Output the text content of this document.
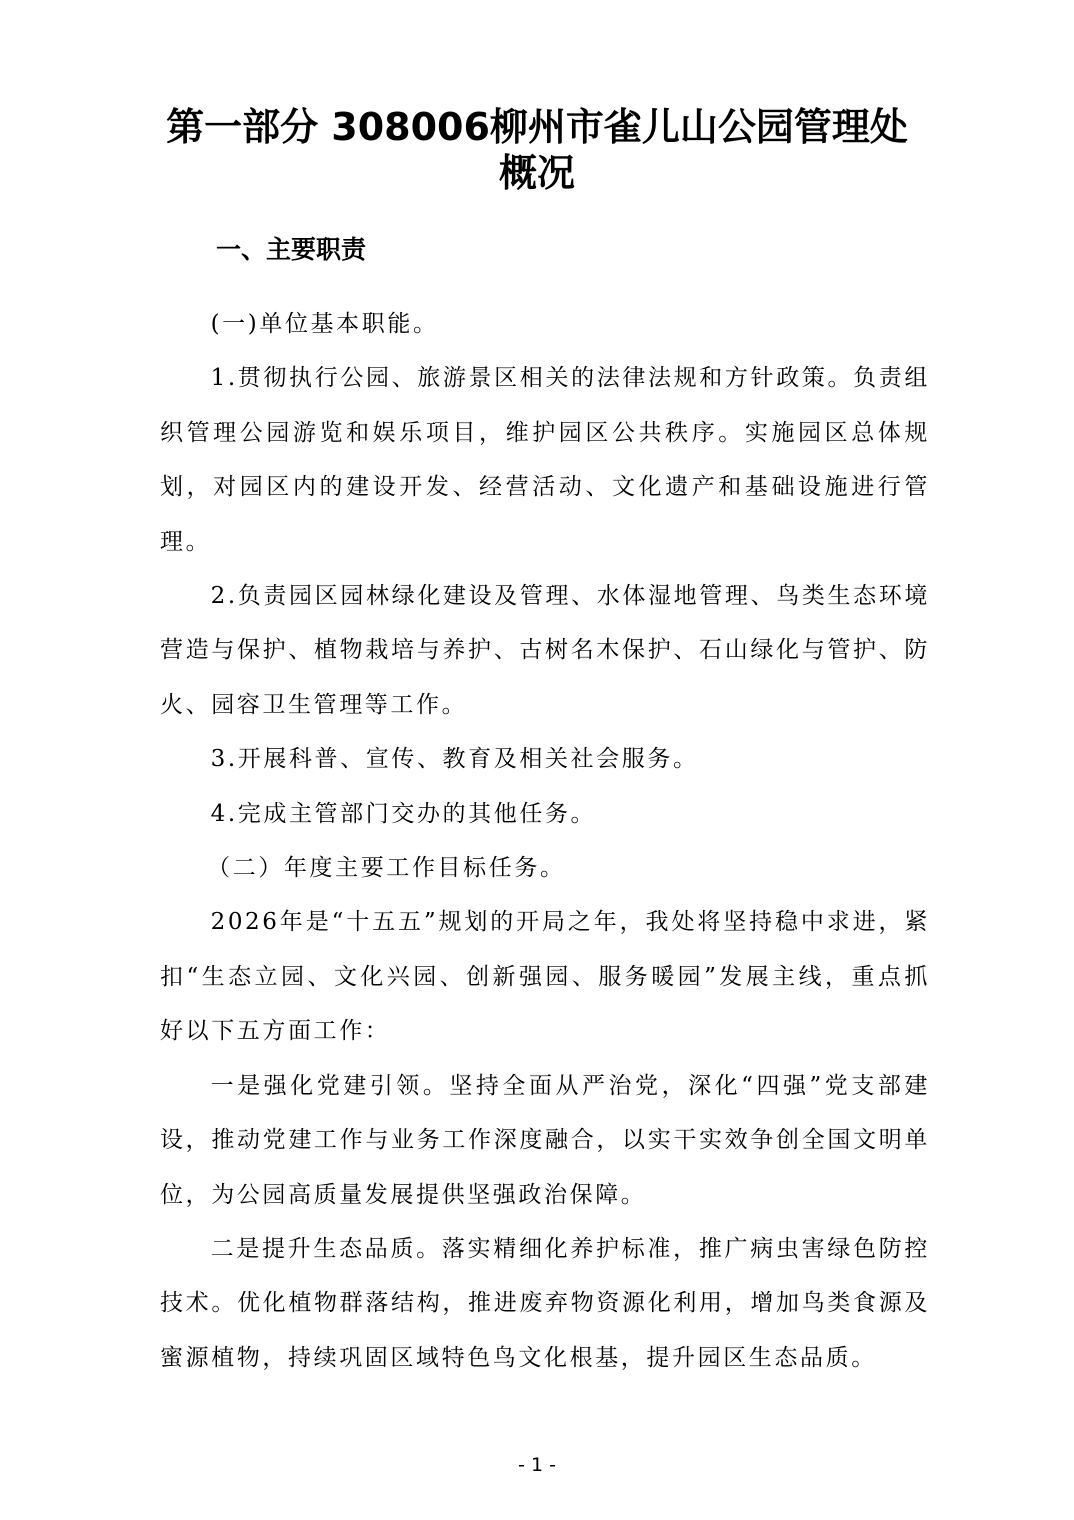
第一部分 308006柳州市雀儿山公园管理处
概况
一、主要职责

(一)单位基本职能。

1.贯彻执行公园、旅游景区相关的法律法规和方针政策。负责组织管理公园游览和娱乐项目，维护园区公共秩序。实施园区总体规划，对园区内的建设开发、经营活动、文化遗产和基础设施进行管理。

2.负责园区园林绿化建设及管理、水体湿地管理、鸟类生态环境营造与保护、植物栽培与养护、古树名木保护、石山绿化与管护、防火、园容卫生管理等工作。

3.开展科普、宣传、教育及相关社会服务。

4.完成主管部门交办的其他任务。

（二）年度主要工作目标任务。

2026年是“十五五”规划的开局之年，我处将坚持稳中求进，紧扣“生态立园、文化兴园、创新强园、服务暖园”发展主线，重点抓好以下五方面工作：

一是强化党建引领。坚持全面从严治党，深化“四强”党支部建设，推动党建工作与业务工作深度融合，以实干实效争创全国文明单位，为公园高质量发展提供坚强政治保障。

二是提升生态品质。落实精细化养护标准，推广病虫害绿色防控技术。优化植物群落结构，推进废弃物资源化利用，增加鸟类食源及蜜源植物，持续巩固区域特色鸟文化根基，提升园区生态品质。

- 1 -
